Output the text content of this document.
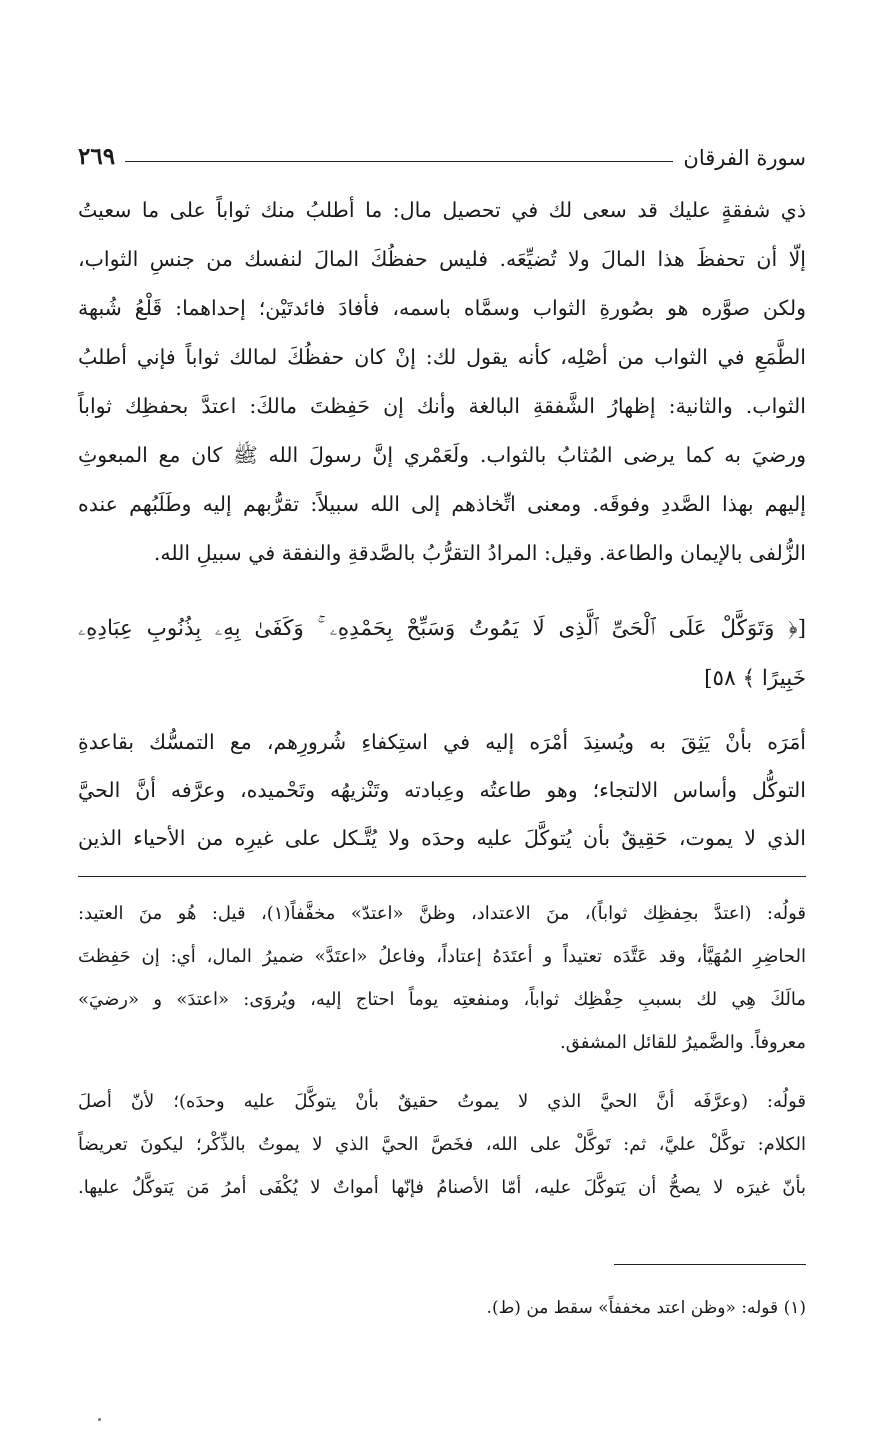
سورة الفرقان
٢٦٩
ذي شفقةٍ عليك قد سعى لك في تحصيل مال: ما أطلبُ منك ثواباً على ما سعيتُ
إلّا أن تحفظَ هذا المالَ ولا تُضيِّعَه. فليس حفظُكَ المالَ لنفسك من جنسِ الثواب،
ولكن صوَّره هو بصُورةِ الثواب وسمَّاه باسمه، فأفادَ فائدتَيْن؛ إحداهما: قَلْعُ شُبهة
الطَّمَعِ في الثواب من أصْلِه، كأنه يقول لك: إنْ كان حفظُكَ لمالك ثواباً فإني أطلبُ
الثواب. والثانية: إظهارُ الشَّفقةِ البالغة وأنك إن حَفِظتَ مالكَ: اعتدَّ بحفظِك ثواباً
ورضيَ به كما يرضى المُثابُ بالثواب. ولَعَمْري إنَّ رسولَ الله ﷺ كان مع المبعوثِ
إليهم بهذا الصَّددِ وفوقَه. ومعنى اتِّخاذهم إلى الله سبيلاً: تقرُّبهم إليه وطَلَبُهم عنده
الزُّلفى بالإيمان والطاعة. وقيل: المرادُ التقرُّبُ بالصَّدقةِ والنفقة في سبيلِ الله.
[﴿ وَتَوَكَّلْ عَلَى ٱلْحَىِّ ٱلَّذِى لَا يَمُوتُ وَسَبِّحْ بِحَمْدِهِۦ ۚ وَكَفَىٰ بِهِۦ بِذُنُوبِ عِبَادِهِۦ
خَبِيرًا ﴾ ٥٨]
أمَرَه بأنْ يَثِقَ به ويُسنِدَ أمْرَه إليه في استِكفاءِ شُرورِهم، مع التمسُّك بقاعدةِ
التوكُّل وأساس الالتجاء؛ وهو طاعتُه وعِبادته وتَنْزيهُه وتَحْميده، وعرَّفه أنَّ الحيَّ
الذي لا يموت، حَقِيقٌ بأن يُتوكَّلَ عليه وحدَه ولا يُتَّـكل على غيرِه من الأحياء الذين
قولُه: (اعتدَّ بحِفظِك ثواباً)، منَ الاعتداد، وظنَّ «اعتدّ» مخفَّفاً(١)، قيل: هُو منَ العتيد:
الحاضِرِ المُهَيَّأ، وقد عَتَّدَه تعتيداً و أعتَدَهُ إعتاداً، وفاعلُ «اعتَدَّ» ضميرُ المال، أي: إن حَفِظتَ
مالَكَ هِي لك بسببِ حِفْظِك ثواباً، ومنفعتِه يوماً احتاج إليه، ويُروَى: «اعتدَ» و «رضيَ»
معروفاً. والضَّميرُ للقائل المشفق.
قولُه: (وعرَّفَه أنَّ الحيَّ الذي لا يموتُ حقيقٌ بأنْ يتوكَّلَ عليه وحدَه)؛ لأنّ أصلَ
الكلام: توكَّلْ عليَّ، ثم: تَوكَّلْ على الله، فخَصَّ الحيَّ الذي لا يموتُ بالذِّكْر؛ ليكونَ تعريضاً
بأنّ غيرَه لا يصحُّ أن يَتوكَّلَ عليه، أمّا الأصنامُ فإنّها أمواتٌ لا يُكْفَى أمرُ مَن يَتوكَّلُ عليها.
(١) قوله: «وظن اعتد مخففاً» سقط من (ط).
